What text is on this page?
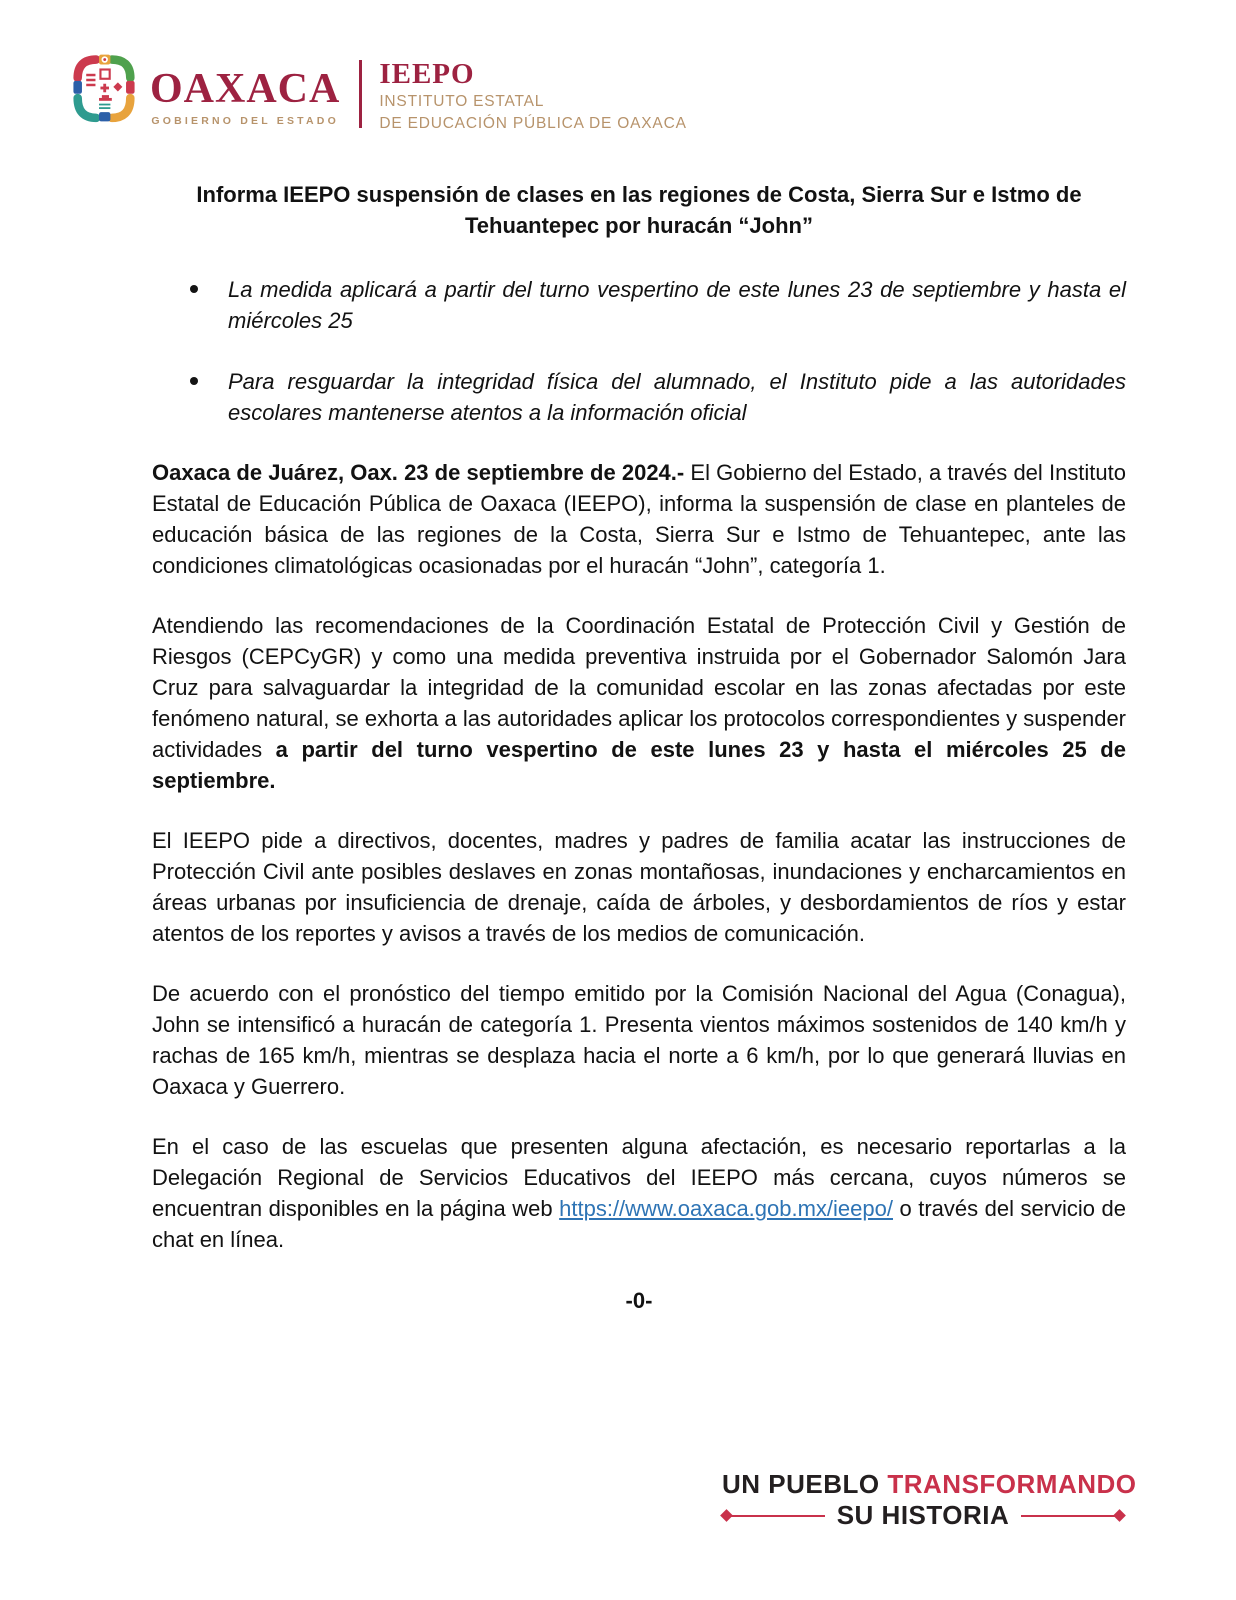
OAXACA
GOBIERNO DEL ESTADO
IEEPO
INSTITUTO ESTATAL
DE EDUCACIÓN PÚBLICA DE OAXACA
Informa IEEPO suspensión de clases en las regiones de Costa, Sierra Sur e Istmo de Tehuantepec por huracán “John”
La medida aplicará a partir del turno vespertino de este lunes 23 de septiembre y hasta el miércoles 25
Para resguardar la integridad física del alumnado, el Instituto pide a las autoridades escolares mantenerse atentos a la información oficial

Oaxaca de Juárez, Oax. 23 de septiembre de 2024.- El Gobierno del Estado, a través del Instituto Estatal de Educación Pública de Oaxaca (IEEPO), informa la suspensión de clase en planteles de educación básica de las regiones de la Costa, Sierra Sur e Istmo de Tehuantepec, ante las condiciones climatológicas ocasionadas por el huracán “John”, categoría 1.

Atendiendo las recomendaciones de la Coordinación Estatal de Protección Civil y Gestión de Riesgos (CEPCyGR) y como una medida preventiva instruida por el Gobernador Salomón Jara Cruz para salvaguardar la integridad de la comunidad escolar en las zonas afectadas por este fenómeno natural, se exhorta a las autoridades aplicar los protocolos correspondientes y suspender actividades a partir del turno vespertino de este lunes 23 y hasta el miércoles 25 de septiembre.

El IEEPO pide a directivos, docentes, madres y padres de familia acatar las instrucciones de Protección Civil ante posibles deslaves en zonas montañosas, inundaciones y encharcamientos en áreas urbanas por insuficiencia de drenaje, caída de árboles, y desbordamientos de ríos y estar atentos de los reportes y avisos a través de los medios de comunicación.

De acuerdo con el pronóstico del tiempo emitido por la Comisión Nacional del Agua (Conagua), John se intensificó a huracán de categoría 1. Presenta vientos máximos sostenidos de 140 km/h y rachas de 165 km/h, mientras se desplaza hacia el norte a 6 km/h, por lo que generará lluvias en Oaxaca y Guerrero.

En el caso de las escuelas que presenten alguna afectación, es necesario reportarlas a la Delegación Regional de Servicios Educativos del IEEPO más cercana, cuyos números se encuentran disponibles en la página web https://www.oaxaca.gob.mx/ieepo/ o través del servicio de chat en línea.

-0-
UN PUEBLO TRANSFORMANDO
SU HISTORIA
